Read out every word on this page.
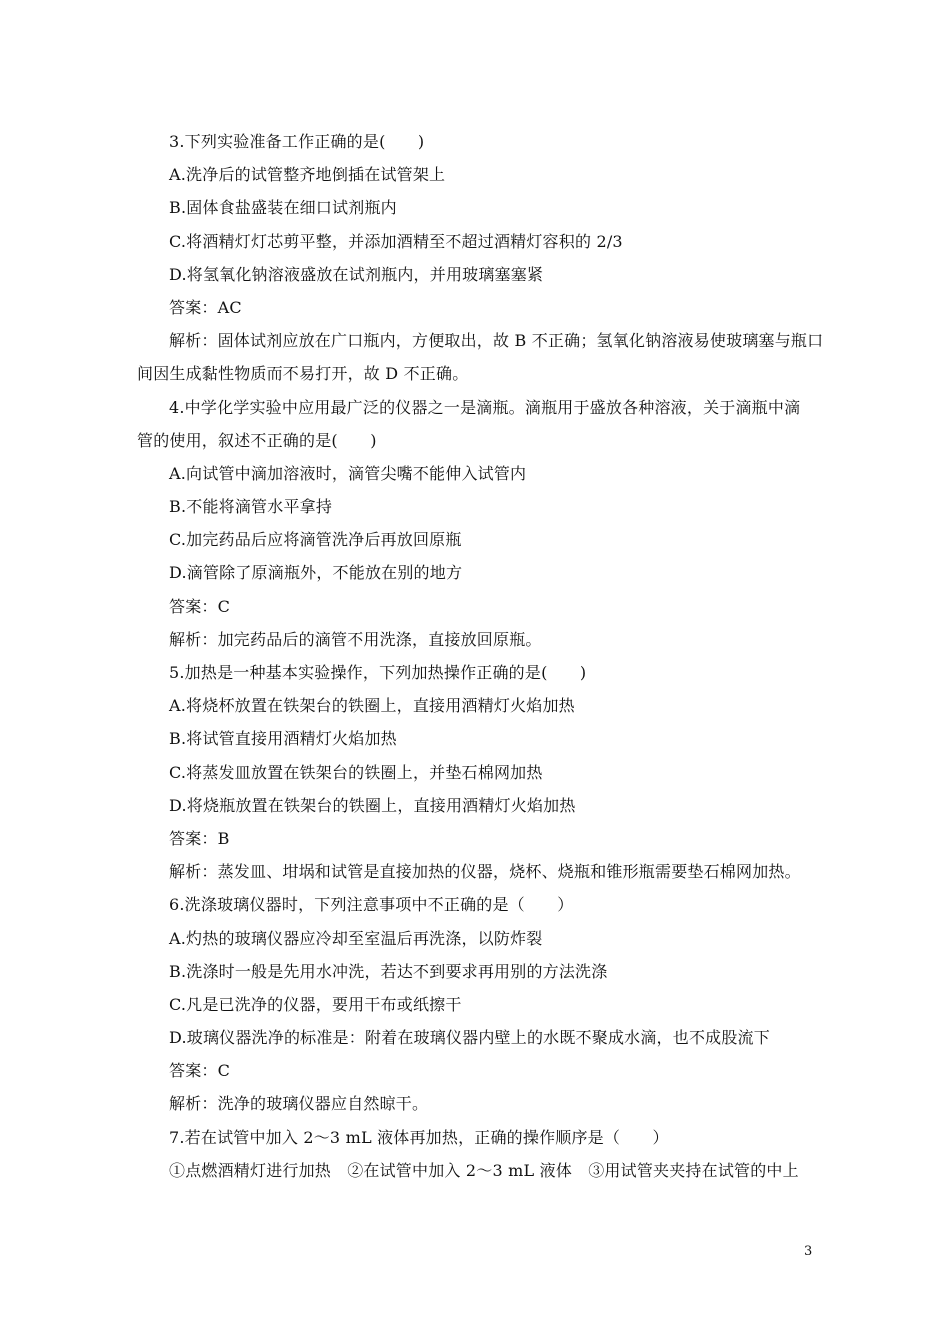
3.下列实验准备工作正确的是(　　)
A.洗净后的试管整齐地倒插在试管架上
B.固体食盐盛装在细口试剂瓶内
C.将酒精灯灯芯剪平整，并添加酒精至不超过酒精灯容积的 2/3
D.将氢氧化钠溶液盛放在试剂瓶内，并用玻璃塞塞紧
答案：AC
解析：固体试剂应放在广口瓶内，方便取出，故 B 不正确；氢氧化钠溶液易使玻璃塞与瓶口
间因生成黏性物质而不易打开，故 D 不正确。
4.中学化学实验中应用最广泛的仪器之一是滴瓶。滴瓶用于盛放各种溶液，关于滴瓶中滴
管的使用，叙述不正确的是(　　)
A.向试管中滴加溶液时，滴管尖嘴不能伸入试管内
B.不能将滴管水平拿持
C.加完药品后应将滴管洗净后再放回原瓶
D.滴管除了原滴瓶外，不能放在别的地方
答案：C
解析：加完药品后的滴管不用洗涤，直接放回原瓶。
5.加热是一种基本实验操作，下列加热操作正确的是(　　)
A.将烧杯放置在铁架台的铁圈上，直接用酒精灯火焰加热
B.将试管直接用酒精灯火焰加热
C.将蒸发皿放置在铁架台的铁圈上，并垫石棉网加热
D.将烧瓶放置在铁架台的铁圈上，直接用酒精灯火焰加热
答案：B
解析：蒸发皿、坩埚和试管是直接加热的仪器，烧杯、烧瓶和锥形瓶需要垫石棉网加热。
6.洗涤玻璃仪器时，下列注意事项中不正确的是（　　）
A.灼热的玻璃仪器应冷却至室温后再洗涤，以防炸裂
B.洗涤时一般是先用水冲洗，若达不到要求再用别的方法洗涤
C.凡是已洗净的仪器，要用干布或纸擦干
D.玻璃仪器洗净的标准是：附着在玻璃仪器内壁上的水既不聚成水滴，也不成股流下
答案：C
解析：洗净的玻璃仪器应自然晾干。
7.若在试管中加入 2～3 mL 液体再加热，正确的操作顺序是（　　）
①点燃酒精灯进行加热　②在试管中加入 2～3 mL 液体　③用试管夹夹持在试管的中上
3
